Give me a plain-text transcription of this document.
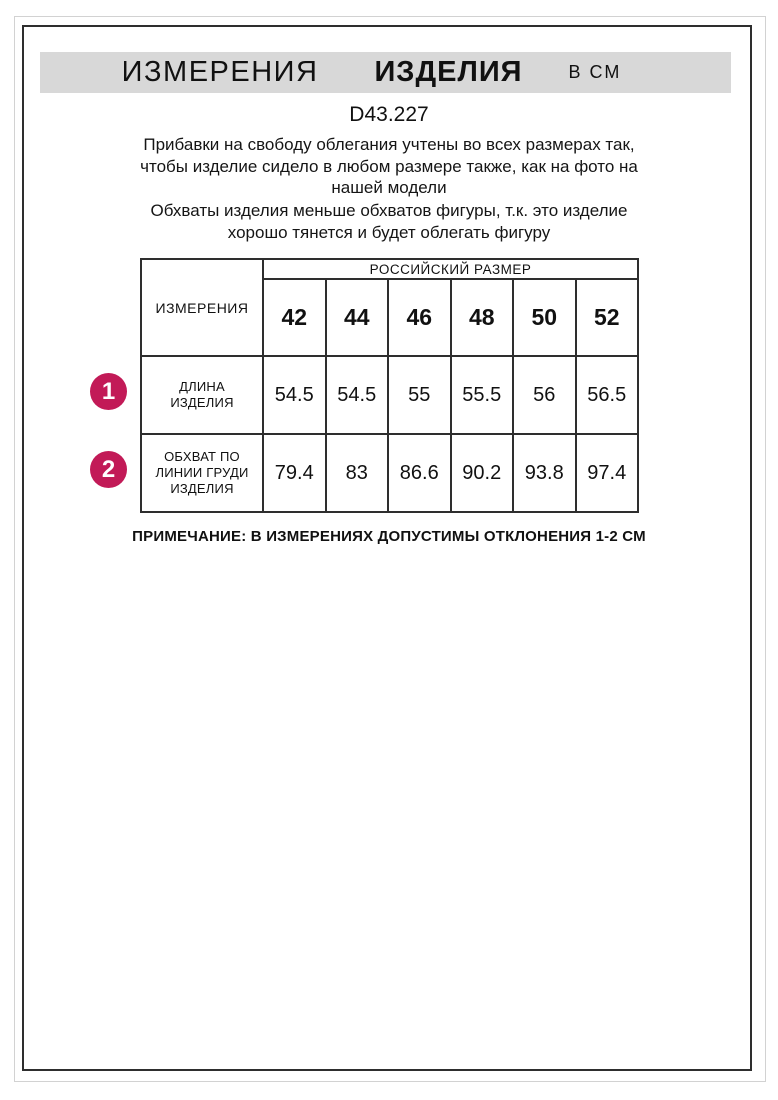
ИЗМЕРЕНИЯ ИЗДЕЛИЯ	В СМ
D43.227
Прибавки на свободу облегания учтены во всех размерах так, чтобы изделие сидело в любом размере также, как на фото на нашей модели
Обхваты изделия меньше обхватов фигуры, т.к. это изделие хорошо тянется и будет облегать фигуру
ИЗМЕРЕНИЯ	РОССИЙСКИЙ РАЗМЕР					
	42	44	46	48	50	52
ДЛИНА ИЗДЕЛИЯ	54.5	54.5	55	55.5	56	56.5
ОБХВАТ ПО ЛИНИИ ГРУДИ ИЗДЕЛИЯ	79.4	83	86.6	90.2	93.8	97.4
1
2
ПРИМЕЧАНИЕ: В ИЗМЕРЕНИЯХ ДОПУСТИМЫ ОТКЛОНЕНИЯ 1-2 СМ
